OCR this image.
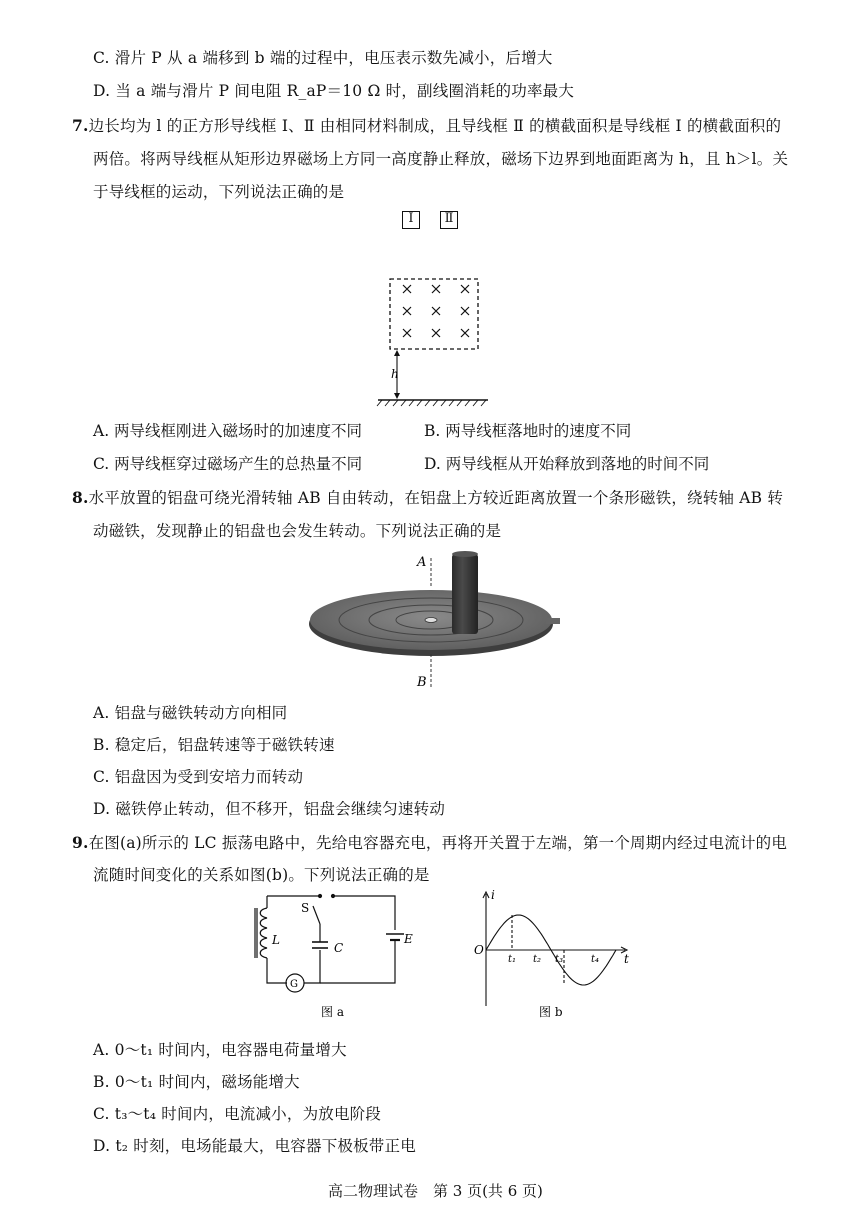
C. 滑片 P 从 a 端移到 b 端的过程中，电压表示数先减小，后增大
D. 当 a 端与滑片 P 间电阻 R_aP＝10 Ω 时，副线圈消耗的功率最大
7.边长均为 l 的正方形导线框 Ⅰ、Ⅱ 由相同材料制成，且导线框 Ⅱ 的横截面积是导线框 Ⅰ 的横截面积的
两倍。将两导线框从矩形边界磁场上方同一高度静止释放，磁场下边界到地面距离为 h，且 h＞l。关
于导线框的运动，下列说法正确的是
Ⅰ	Ⅱ
h
A. 两导线框刚进入磁场时的加速度不同	B. 两导线框落地时的速度不同
C. 两导线框穿过磁场产生的总热量不同	D. 两导线框从开始释放到落地的时间不同
8.水平放置的铝盘可绕光滑转轴 AB 自由转动，在铝盘上方较近距离放置一个条形磁铁，绕转轴 AB 转
动磁铁，发现静止的铝盘也会发生转动。下列说法正确的是
A
B
A. 铝盘与磁铁转动方向相同
B. 稳定后，铝盘转速等于磁铁转速
C. 铝盘因为受到安培力而转动
D. 磁铁停止转动，但不移开，铝盘会继续匀速转动
9.在图(a)所示的 LC 振荡电路中，先给电容器充电，再将开关置于左端，第一个周期内经过电流计的电
流随时间变化的关系如图(b)。下列说法正确的是
L
S
C
E
G
图 a
i
O
t
t₁ t₂ t₃	t₄
图 b
A. 0～t₁ 时间内，电容器电荷量增大
B. 0～t₁ 时间内，磁场能增大
C. t₃～t₄ 时间内，电流减小，为放电阶段
D. t₂ 时刻，电场能最大，电容器下极板带正电
高二物理试卷　第 3 页(共 6 页)
